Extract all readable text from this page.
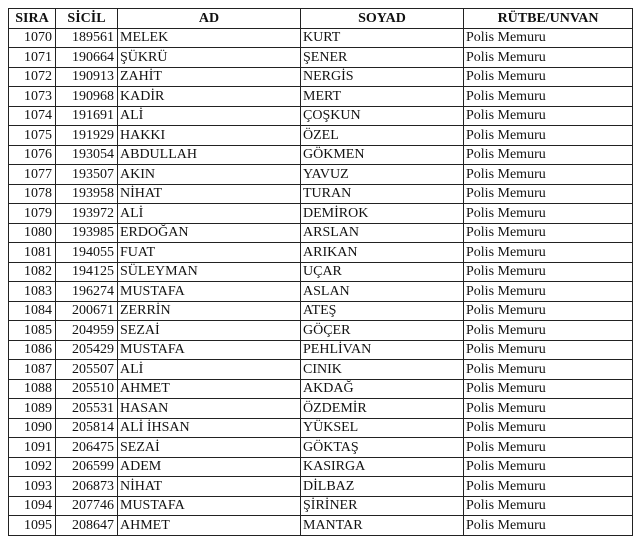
SIRA	SİCİL	AD	SOYAD	RÜTBE/UNVAN
1070	189561	MELEK	KURT	Polis Memuru
1071	190664	ŞÜKRÜ	ŞENER	Polis Memuru
1072	190913	ZAHİT	NERGİS	Polis Memuru
1073	190968	KADİR	MERT	Polis Memuru
1074	191691	ALİ	ÇOŞKUN	Polis Memuru
1075	191929	HAKKI	ÖZEL	Polis Memuru
1076	193054	ABDULLAH	GÖKMEN	Polis Memuru
1077	193507	AKIN	YAVUZ	Polis Memuru
1078	193958	NİHAT	TURAN	Polis Memuru
1079	193972	ALİ	DEMİROK	Polis Memuru
1080	193985	ERDOĞAN	ARSLAN	Polis Memuru
1081	194055	FUAT	ARIKAN	Polis Memuru
1082	194125	SÜLEYMAN	UÇAR	Polis Memuru
1083	196274	MUSTAFA	ASLAN	Polis Memuru
1084	200671	ZERRİN	ATEŞ	Polis Memuru
1085	204959	SEZAİ	GÖÇER	Polis Memuru
1086	205429	MUSTAFA	PEHLİVAN	Polis Memuru
1087	205507	ALİ	CINIK	Polis Memuru
1088	205510	AHMET	AKDAĞ	Polis Memuru
1089	205531	HASAN	ÖZDEMİR	Polis Memuru
1090	205814	ALİ İHSAN	YÜKSEL	Polis Memuru
1091	206475	SEZAİ	GÖKTAŞ	Polis Memuru
1092	206599	ADEM	KASIRGA	Polis Memuru
1093	206873	NİHAT	DİLBAZ	Polis Memuru
1094	207746	MUSTAFA	ŞİRİNER	Polis Memuru
1095	208647	AHMET	MANTAR	Polis Memuru
